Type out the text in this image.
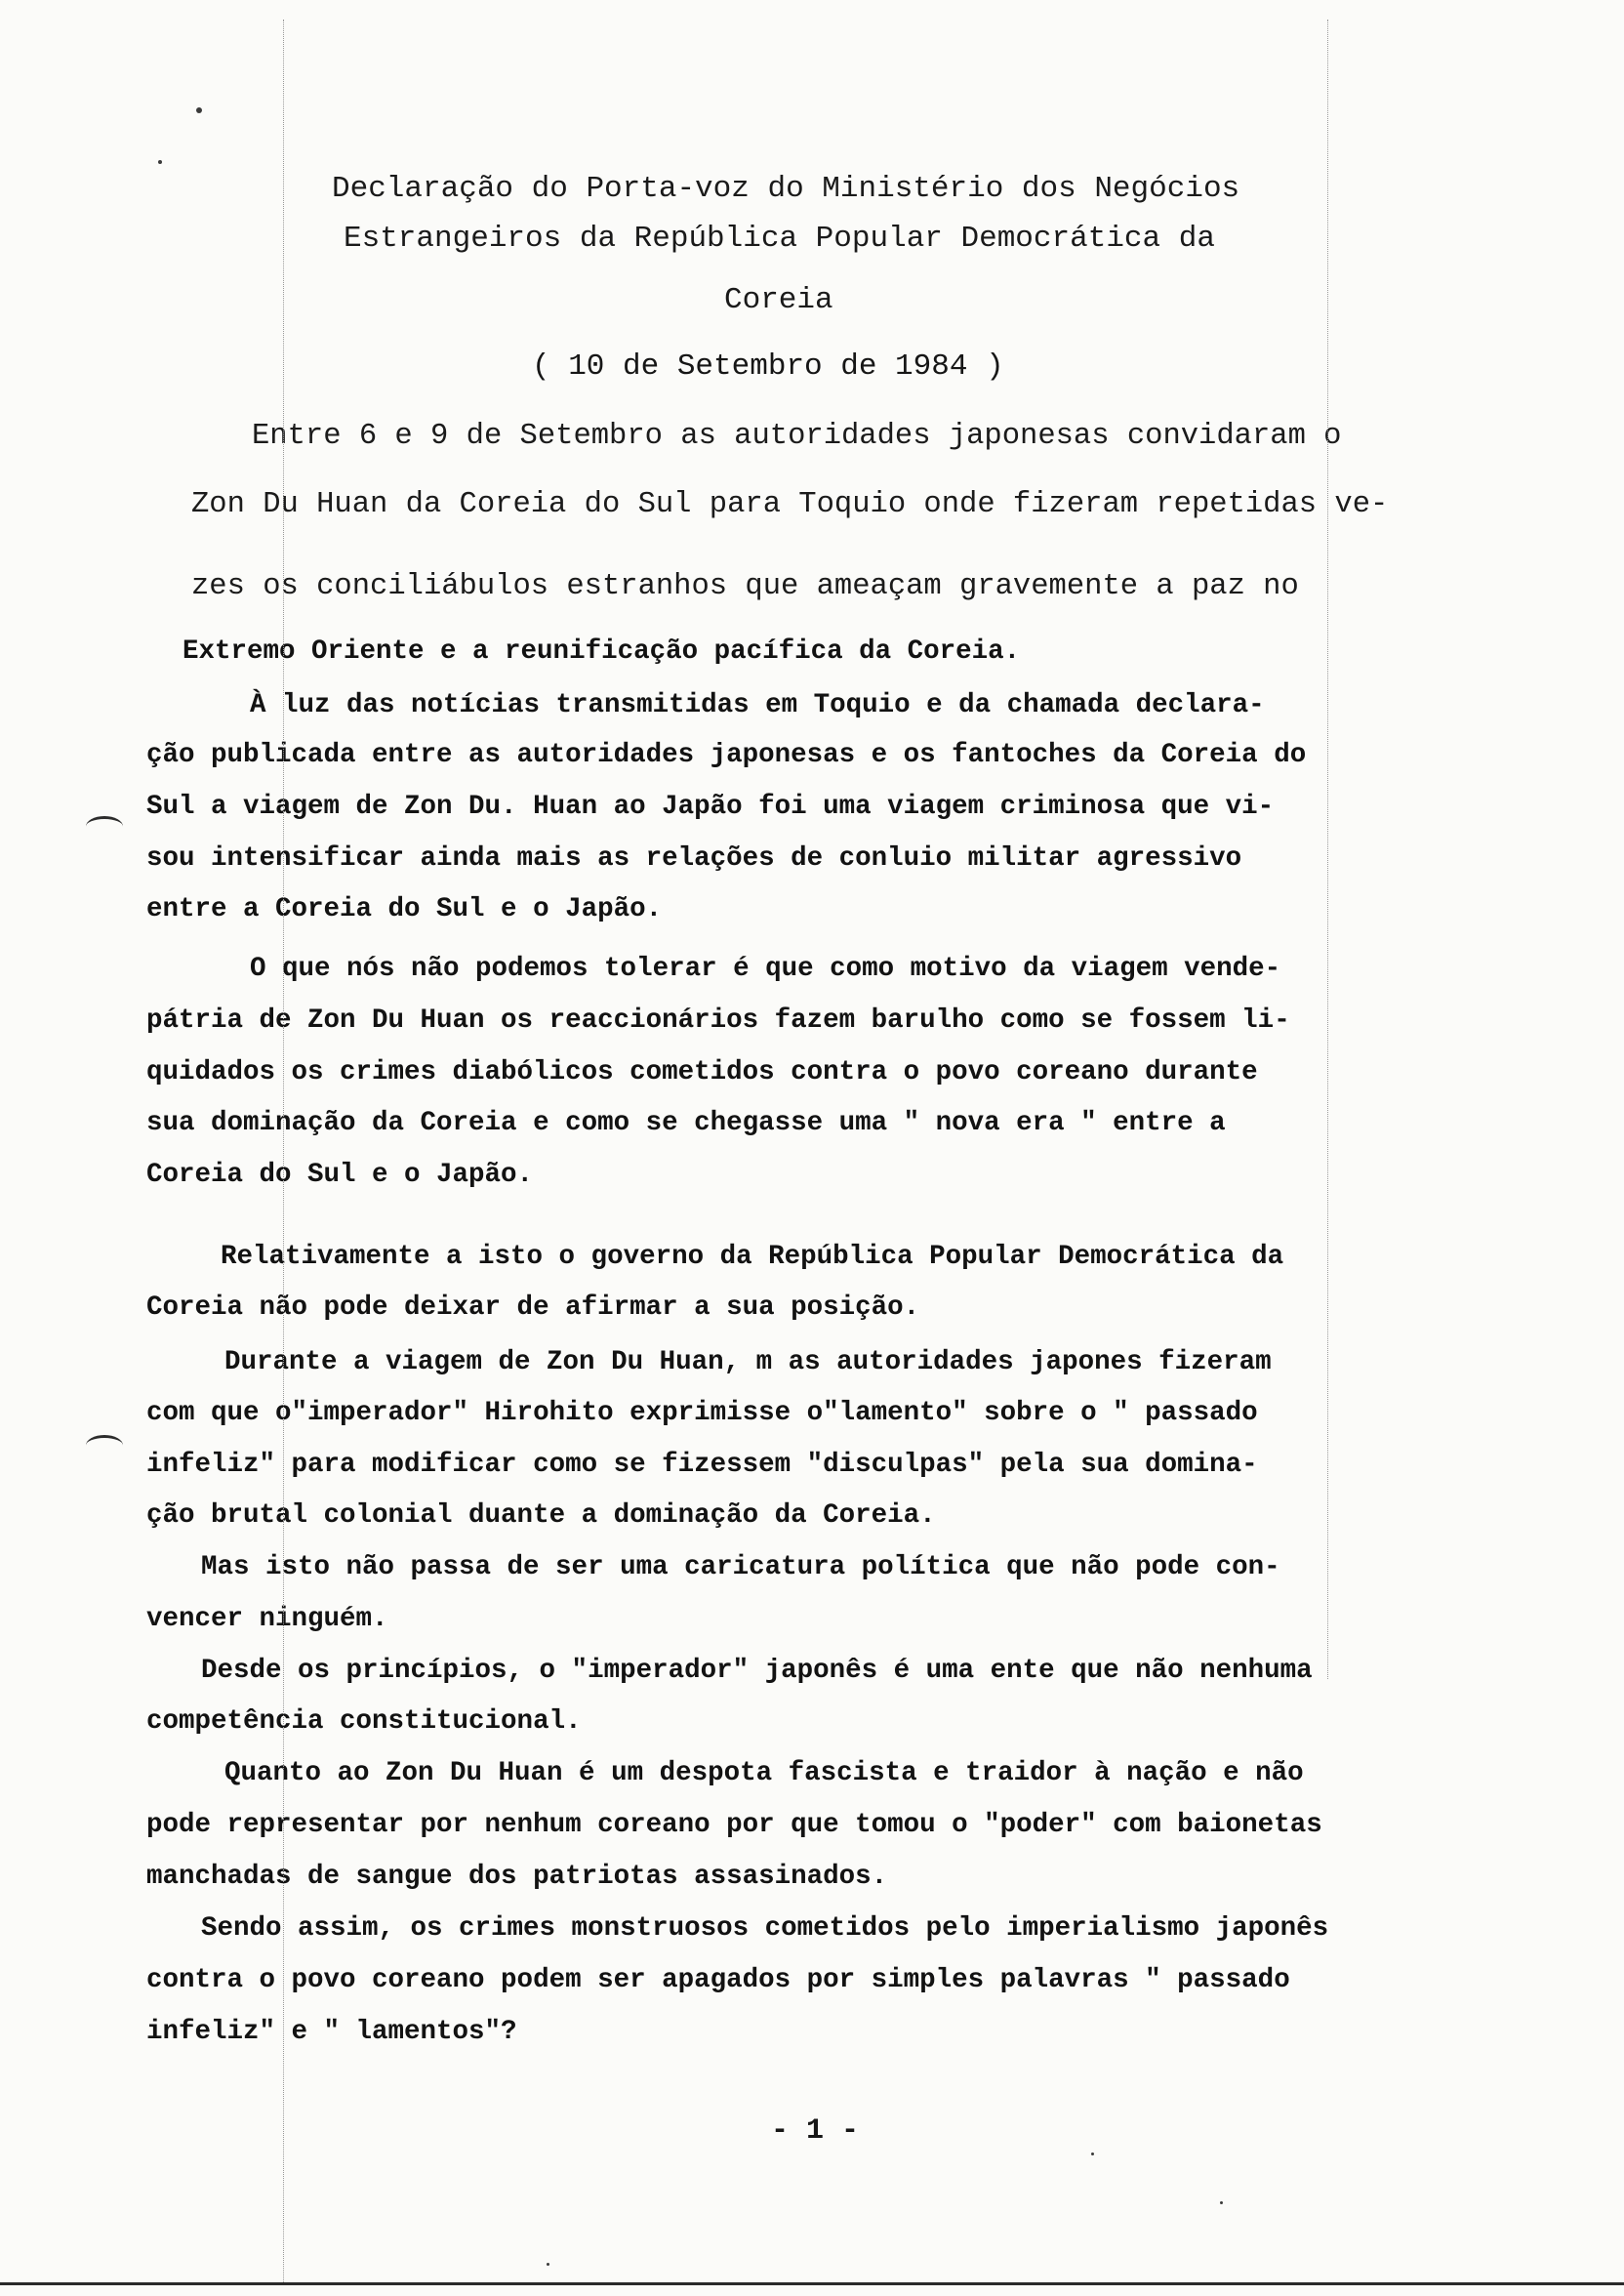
Declaração do Porta-voz do Ministério dos Negócios
Estrangeiros da República Popular Democrática da
Coreia
( 10 de Setembro de 1984 )
Entre 6 e 9 de Setembro as autoridades japonesas convidaram o
Zon Du Huan da Coreia do Sul para Toquio onde fizeram repetidas ve-
zes os conciliábulos estranhos que ameaçam gravemente a paz no
Extremo Oriente e a reunificação pacífica da Coreia.
À luz das notícias transmitidas em Toquio e da chamada declara-
ção publicada entre as autoridades japonesas e os fantoches da Coreia do
Sul a viagem de Zon Du. Huan ao Japão foi uma viagem criminosa que vi-
sou intensificar ainda mais as relações de conluio militar agressivo
entre a Coreia do Sul e o Japão.
O que nós não podemos tolerar é que como motivo da viagem vende-
pátria de Zon Du Huan os reaccionários fazem barulho como se fossem li-
quidados os crimes diabólicos cometidos contra o povo coreano durante
sua dominação da Coreia e como se chegasse uma " nova era " entre a
Coreia do Sul e o Japão.
Relativamente a isto o governo da República Popular Democrática da
Coreia não pode deixar de afirmar a sua posição.
Durante a viagem de Zon Du Huan, m as autoridades japones fizeram
com que o"imperador" Hirohito exprimisse o"lamento" sobre o " passado
infeliz" para modificar como se fizessem "disculpas" pela sua domina-
ção brutal colonial duante a dominação da Coreia.
Mas isto não passa de ser uma caricatura política que não pode con-
vencer ninguém.
Desde os princípios, o "imperador" japonês é uma ente que não nenhuma
competência constitucional.
Quanto ao Zon Du Huan é um despota fascista e traidor à nação e não
pode representar por nenhum coreano por que tomou o "poder" com baionetas
manchadas de sangue dos patriotas assasinados.
Sendo assim, os crimes monstruosos cometidos pelo imperialismo japonês
contra o povo coreano podem ser apagados por simples palavras " passado
infeliz" e " lamentos"?
- 1 -
